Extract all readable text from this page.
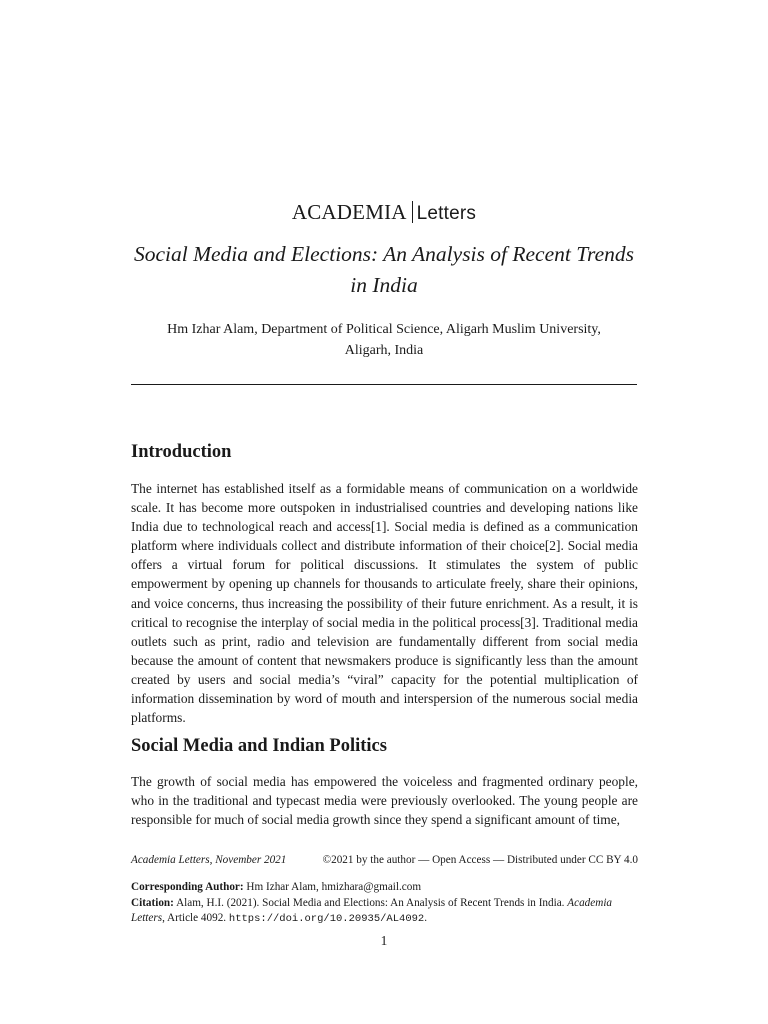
ACADEMIA Letters
Social Media and Elections: An Analysis of Recent Trends
in India
Hm Izhar Alam, Department of Political Science, Aligarh Muslim University,
Aligarh, India
Introduction

The internet has established itself as a formidable means of communication on a worldwide scale. It has become more outspoken in industrialised countries and developing nations like India due to technological reach and access[1]. Social media is defined as a communication platform where individuals collect and distribute information of their choice[2]. Social media offers a virtual forum for political discussions. It stimulates the system of public empowerment by opening up channels for thousands to articulate freely, share their opinions, and voice concerns, thus increasing the possibility of their future enrichment. As a result, it is critical to recognise the interplay of social media in the political process[3]. Traditional media outlets such as print, radio and television are fundamentally different from social media because the amount of content that newsmakers produce is significantly less than the amount created by users and social media’s “viral” capacity for the potential multiplication of information dissemination by word of mouth and interspersion of the numerous social media platforms.

Social Media and Indian Politics

The growth of social media has empowered the voiceless and fragmented ordinary people, who in the traditional and typecast media were previously overlooked. The young people are responsible for much of social media growth since they spend a significant amount of time,

Academia Letters, November 2021	©2021 by the author — Open Access — Distributed under CC BY 4.0
Corresponding Author: Hm Izhar Alam, hmizhara@gmail.com
Citation: Alam, H.I. (2021). Social Media and Elections: An Analysis of Recent Trends in India. Academia Letters, Article 4092. https://doi.org/10.20935/AL4092.
1
